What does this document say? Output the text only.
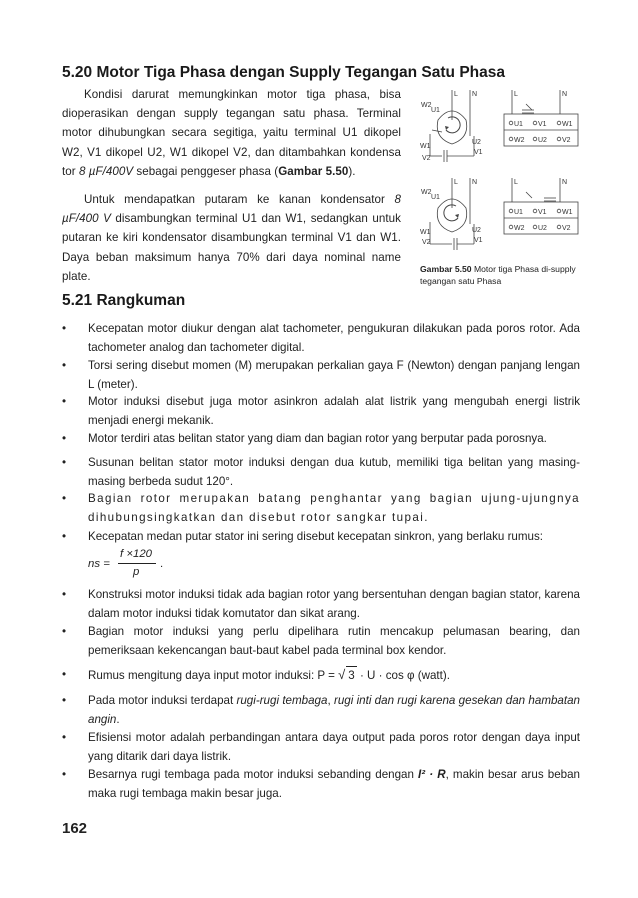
5.20 Motor Tiga Phasa dengan Supply Tegangan Satu Phasa
Kondisi darurat memungkinkan motor tiga phasa, bisa dioperasikan dengan supply tegangan satu phasa. Terminal motor dihubungkan secara segitiga, yaitu terminal U1 dikopel W2, V1 dikopel U2, W1 dikopel V2, dan ditambahkan kondensa tor 8 µF/400V sebagai penggeser phasa (Gambar 5.50).
Untuk mendapatkan putaram ke kanan kondensator 8 µF/400 V disambungkan terminal U1 dan W1, sedangkan untuk putaran ke kiri kondensator disambungkan terminal V1 dan W1. Daya beban maksimum hanya 70% dari daya nominal name plate.
W2
U1
W1
V2
U2
V1
L N	L	N
U1 V1 W1
W2 U2 V2
W2
U1
W1
V2
U2
V1
L N	L	N
U1 V1 W1
W2 U2 V2
Gambar 5.50 Motor tiga Phasa di-supply tegangan satu Phasa
5.21 Rangkuman
• Kecepatan motor diukur dengan alat tachometer, pengukuran dilakukan pada poros rotor. Ada tachometer analog dan tachometer digital.
• Torsi sering disebut momen (M) merupakan perkalian gaya F (Newton) dengan panjang lengan L (meter).
• Motor induksi disebut juga motor asinkron adalah alat listrik yang mengubah energi listrik menjadi energi mekanik.
• Motor terdiri atas belitan stator yang diam dan bagian rotor yang berputar pada porosnya.
• Susunan belitan stator motor induksi dengan dua kutub, memiliki tiga belitan yang masing-masing berbeda sudut 120°.
• Bagian rotor merupakan batang penghantar yang bagian ujung-ujungnya dihubungsingkatkan dan disebut rotor sangkar tupai.
• Kecepatan medan putar stator ini sering disebut kecepatan sinkron, yang berlaku rumus:
ns =
f ×120
p
.
• Konstruksi motor induksi tidak ada bagian rotor yang bersentuhan dengan bagian stator, karena dalam motor induksi tidak komutator dan sikat arang.
• Bagian motor induksi yang perlu dipelihara rutin mencakup pelumasan bearing, dan pemeriksaan kekencangan baut-baut kabel pada terminal box kendor.
• Rumus mengitung daya input motor induksi: P = √ 3 · U · cos φ (watt).
• Pada motor induksi terdapat rugi-rugi tembaga, rugi inti dan rugi karena gesekan dan hambatan angin.
• Efisiensi motor adalah perbandingan antara daya output pada poros rotor dengan daya input yang ditarik dari daya listrik.
• Besarnya rugi tembaga pada motor induksi sebanding dengan I² · R, makin besar arus beban maka rugi tembaga makin besar juga.
162
